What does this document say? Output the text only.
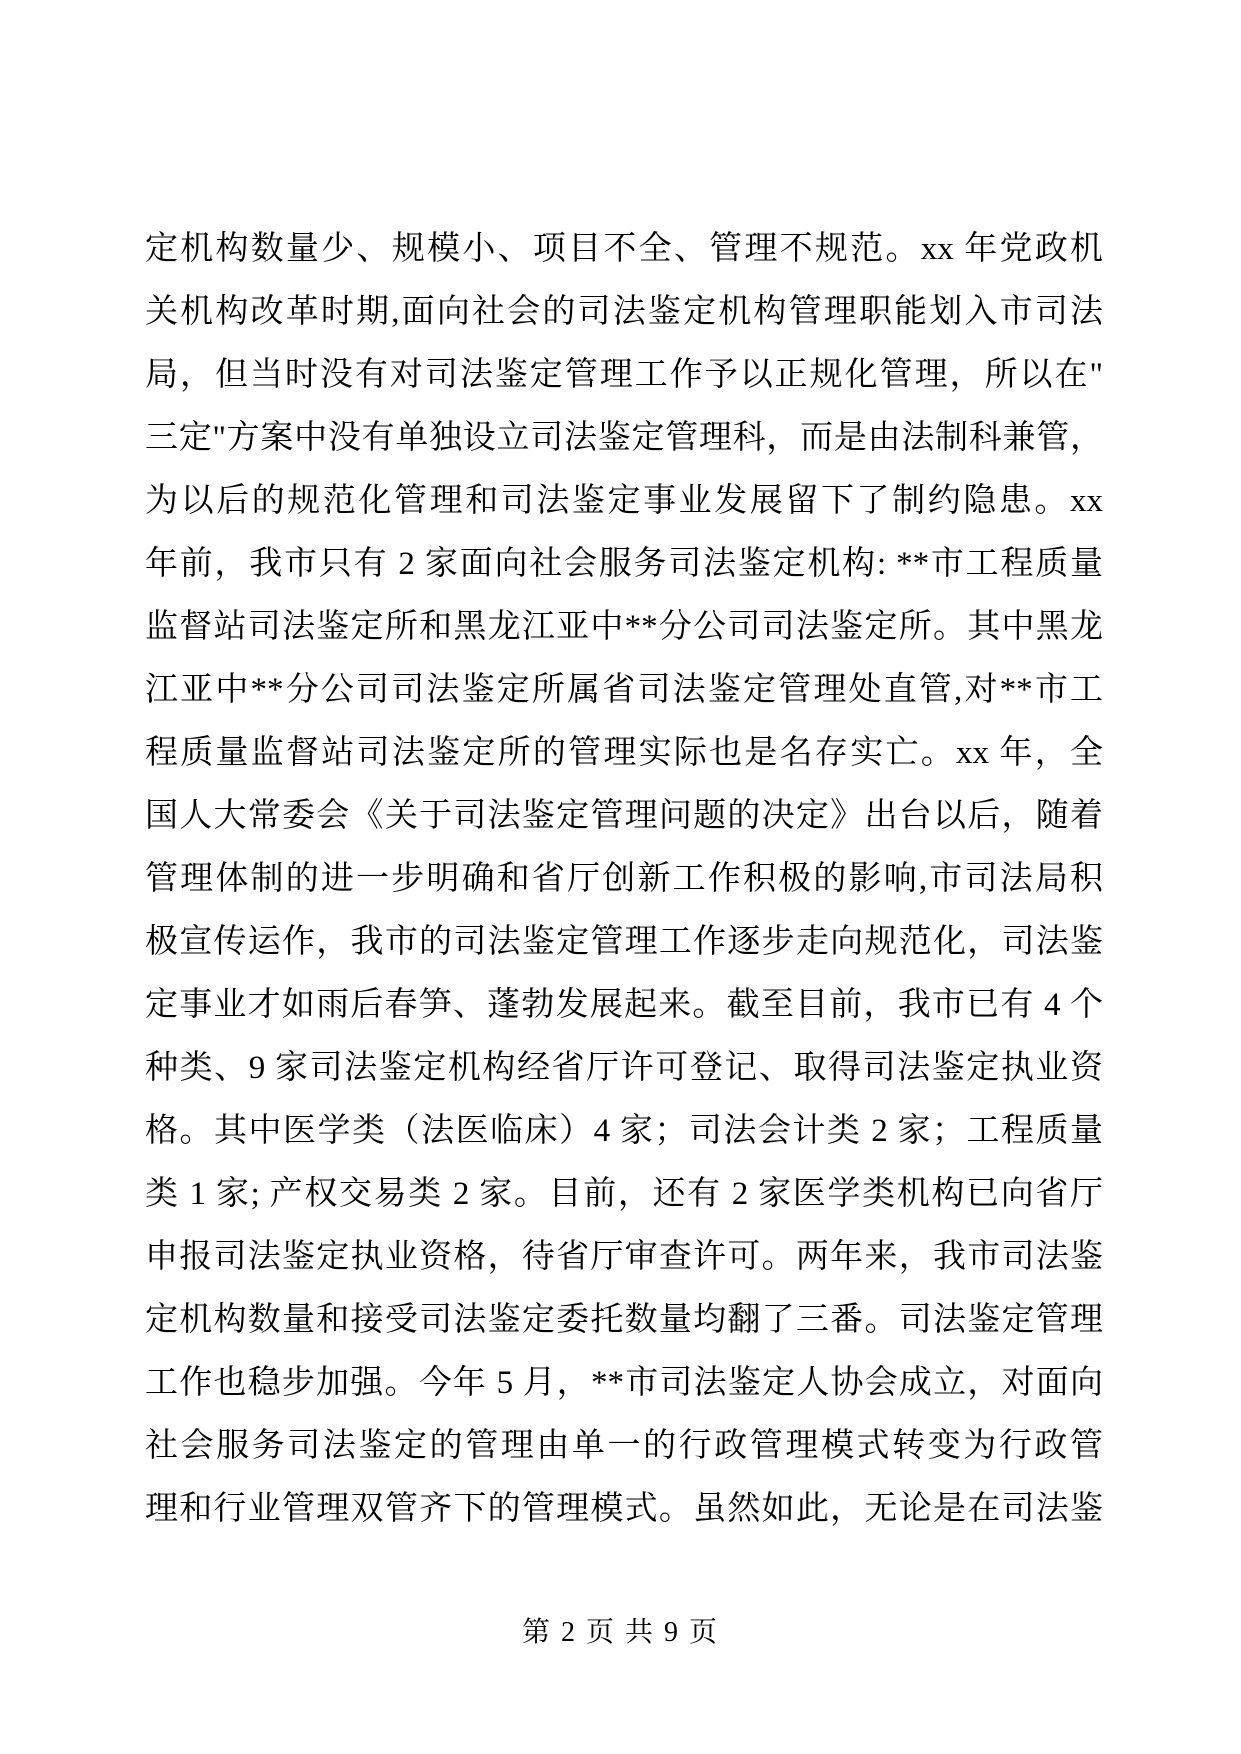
定机构数量少、规模小、项目不全、管理不规范。xx 年党政机
关机构改革时期,面向社会的司法鉴定机构管理职能划入市司法
局，但当时没有对司法鉴定管理工作予以正规化管理，所以在"
三定"方案中没有单独设立司法鉴定管理科，而是由法制科兼管，
为以后的规范化管理和司法鉴定事业发展留下了制约隐患。xx
年前，我市只有 2 家面向社会服务司法鉴定机构: **市工程质量
监督站司法鉴定所和黑龙江亚中**分公司司法鉴定所。其中黑龙
江亚中**分公司司法鉴定所属省司法鉴定管理处直管,对**市工
程质量监督站司法鉴定所的管理实际也是名存实亡。xx 年，全
国人大常委会《关于司法鉴定管理问题的决定》出台以后，随着
管理体制的进一步明确和省厅创新工作积极的影响,市司法局积
极宣传运作，我市的司法鉴定管理工作逐步走向规范化，司法鉴
定事业才如雨后春笋、蓬勃发展起来。截至目前，我市已有 4 个
种类、9 家司法鉴定机构经省厅许可登记、取得司法鉴定执业资
格。其中医学类（法医临床）4 家；司法会计类 2 家；工程质量
类 1 家; 产权交易类 2 家。目前，还有 2 家医学类机构已向省厅
申报司法鉴定执业资格，待省厅审查许可。两年来，我市司法鉴
定机构数量和接受司法鉴定委托数量均翻了三番。司法鉴定管理
工作也稳步加强。今年 5 月，**市司法鉴定人协会成立，对面向
社会服务司法鉴定的管理由单一的行政管理模式转变为行政管
理和行业管理双管齐下的管理模式。虽然如此，无论是在司法鉴
第 2 页 共 9 页
